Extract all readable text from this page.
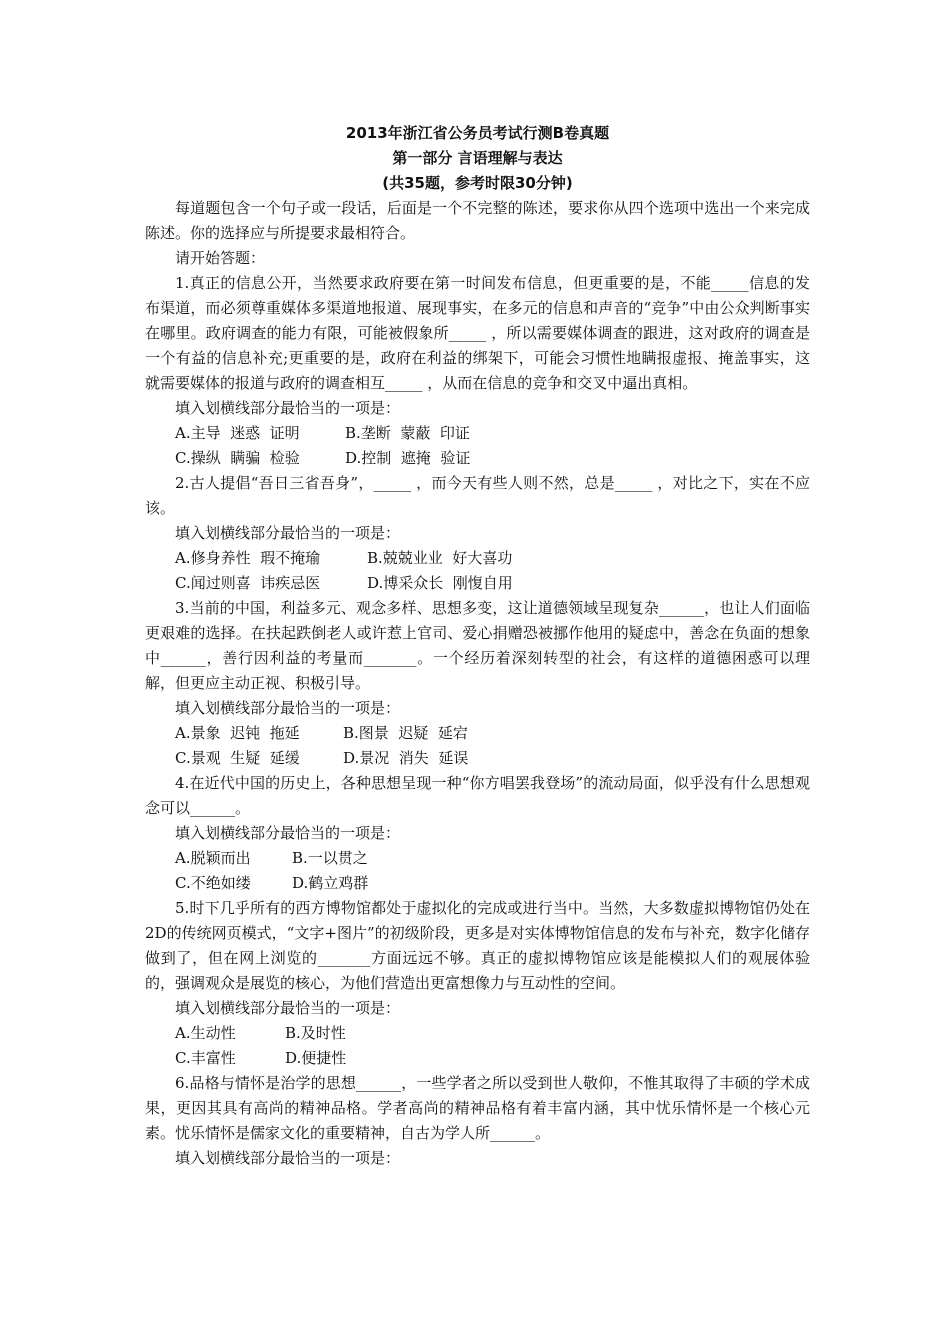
2013年浙江省公务员考试行测B卷真题

第一部分 言语理解与表达

(共35题，参考时限30分钟)

每道题包含一个句子或一段话，后面是一个不完整的陈述，要求你从四个选项中选出一个来完成陈述。你的选择应与所提要求最相符合。

请开始答题：

1.真正的信息公开，当然要求政府要在第一时间发布信息，但更重要的是，不能_____信息的发布渠道，而必须尊重媒体多渠道地报道、展现事实，在多元的信息和声音的“竞争”中由公众判断事实在哪里。政府调查的能力有限，可能被假象所_____ ，所以需要媒体调查的跟进，这对政府的调查是一个有益的信息补充;更重要的是，政府在利益的绑架下，可能会习惯性地瞒报虚报、掩盖事实，这就需要媒体的报道与政府的调查相互_____ ，从而在信息的竞争和交叉中逼出真相。

填入划横线部分最恰当的一项是：

A.主导  迷惑  证明	B.垄断  蒙蔽  印证

C.操纵  瞒骗  检验	D.控制  遮掩  验证

2.古人提倡“吾日三省吾身”，_____ ，而今天有些人则不然，总是_____ ，对比之下，实在不应该。

填入划横线部分最恰当的一项是：

A.修身养性  瑕不掩瑜	B.兢兢业业  好大喜功

C.闻过则喜  讳疾忌医	D.博采众长  刚愎自用

3.当前的中国，利益多元、观念多样、思想多变，这让道德领域呈现复杂______，也让人们面临更艰难的选择。在扶起跌倒老人或许惹上官司、爱心捐赠恐被挪作他用的疑虑中，善念在负面的想象中______，善行因利益的考量而_______。一个经历着深刻转型的社会，有这样的道德困惑可以理解，但更应主动正视、积极引导。

填入划横线部分最恰当的一项是：

A.景象  迟钝  拖延	B.图景  迟疑  延宕

C.景观  生疑  延缓	D.景况  消失  延误

4.在近代中国的历史上，各种思想呈现一种“你方唱罢我登场”的流动局面，似乎没有什么思想观念可以______。

填入划横线部分最恰当的一项是：

A.脱颖而出	B.一以贯之

C.不绝如缕	D.鹤立鸡群

5.时下几乎所有的西方博物馆都处于虚拟化的完成或进行当中。当然，大多数虚拟博物馆仍处在2D的传统网页模式，“文字+图片”的初级阶段，更多是对实体博物馆信息的发布与补充，数字化储存做到了，但在网上浏览的_______方面远远不够。真正的虚拟博物馆应该是能模拟人们的观展体验的，强调观众是展览的核心，为他们营造出更富想像力与互动性的空间。

填入划横线部分最恰当的一项是：

A.生动性	B.及时性

C.丰富性	D.便捷性

6.品格与情怀是治学的思想______，一些学者之所以受到世人敬仰，不惟其取得了丰硕的学术成果，更因其具有高尚的精神品格。学者高尚的精神品格有着丰富内涵，其中忧乐情怀是一个核心元素。忧乐情怀是儒家文化的重要精神，自古为学人所______。

填入划横线部分最恰当的一项是：
